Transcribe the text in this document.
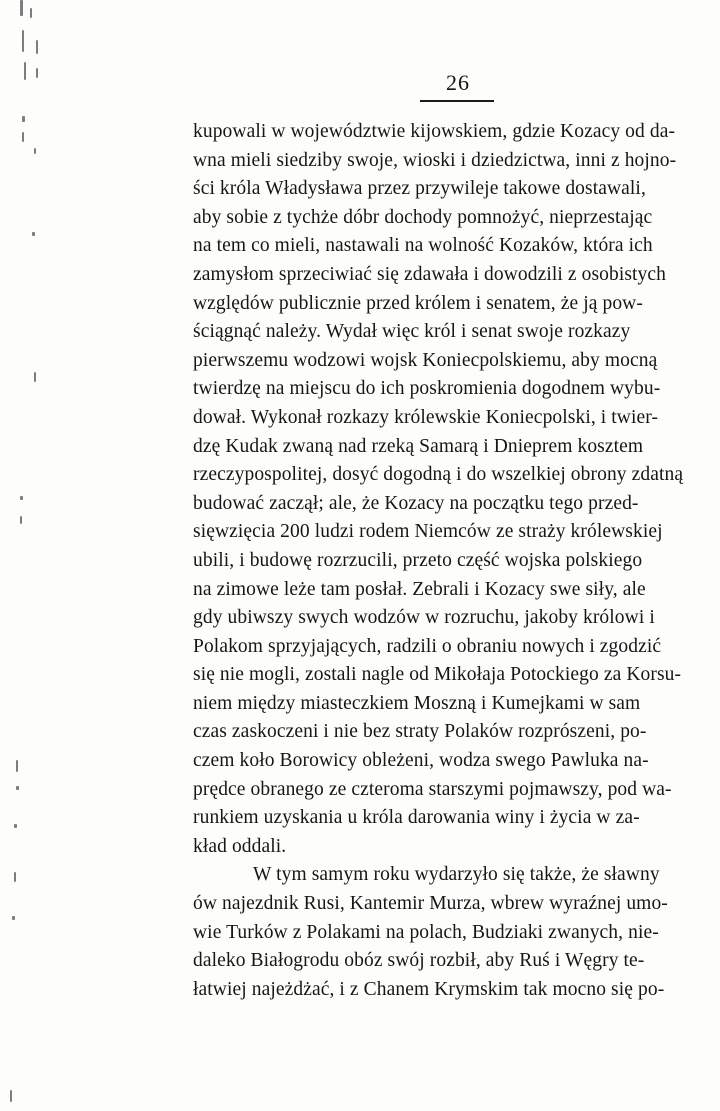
26
kupowali w województwie kijowskiem, gdzie Kozacy od da-
wna mieli siedziby swoje, wioski i dziedzictwa, inni z hojno-
ści króla Władysława przez przywileje takowe dostawali,
aby sobie z tychże dóbr dochody pomnożyć, nieprzestając
na tem co mieli, nastawali na wolność Kozaków, która ich
zamysłom sprzeciwiać się zdawała i dowodzili z osobistych
względów publicznie przed królem i senatem, że ją pow-
ściągnąć należy. Wydał więc król i senat swoje rozkazy
pierwszemu wodzowi wojsk Koniecpolskiemu, aby mocną
twierdzę na miejscu do ich poskromienia dogodnem wybu-
dował. Wykonał rozkazy królewskie Koniecpolski, i twier-
dzę Kudak zwaną nad rzeką Samarą i Dnieprem kosztem
rzeczypospolitej, dosyć dogodną i do wszelkiej obrony zdatną
budować zaczął; ale, że Kozacy na początku tego przed-
sięwzięcia 200 ludzi rodem Niemców ze straży królewskiej
ubili, i budowę rozrzucili, przeto część wojska polskiego
na zimowe leże tam posłał. Zebrali i Kozacy swe siły, ale
gdy ubiwszy swych wodzów w rozruchu, jakoby królowi i
Polakom sprzyjających, radzili o obraniu nowych i zgodzić
się nie mogli, zostali nagle od Mikołaja Potockiego za Korsu-
niem między miasteczkiem Moszną i Kumejkami w sam
czas zaskoczeni i nie bez straty Polaków rozprószeni, po-
czem koło Borowicy obleżeni, wodza swego Pawluka na-
prędce obranego ze czteroma starszymi pojmawszy, pod wa-
runkiem uzyskania u króla darowania winy i życia w za-
kład oddali.
W tym samym roku wydarzyło się także, że sławny
ów najezdnik Rusi, Kantemir Murza, wbrew wyraźnej umo-
wie Turków z Polakami na polach, Budziaki zwanych, nie-
daleko Białogrodu obóz swój rozbił, aby Ruś i Węgry te-
łatwiej najeżdżać, i z Chanem Krymskim tak mocno się po-
